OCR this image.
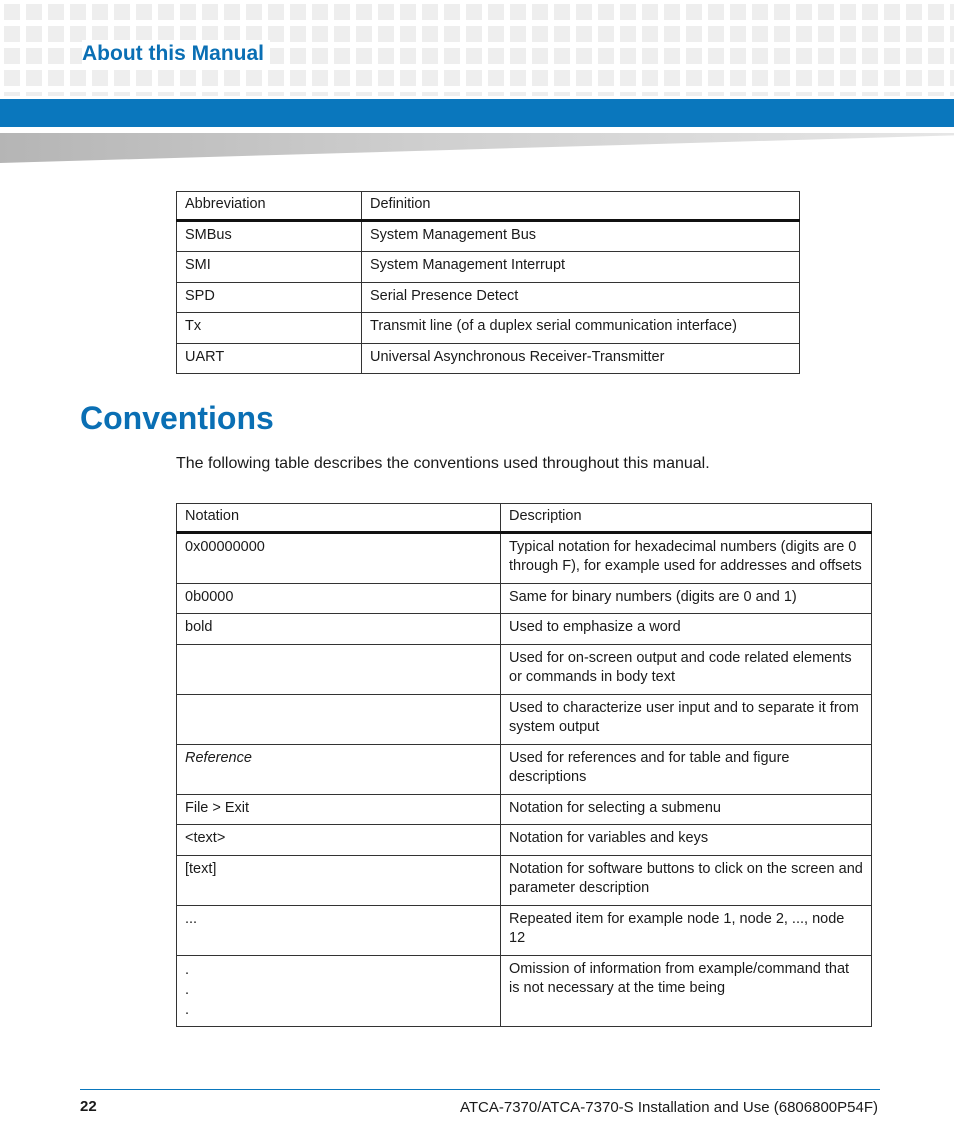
About this Manual
Abbreviation	Definition
SMBus	System Management Bus
SMI	System Management Interrupt
SPD	Serial Presence Detect
Tx	Transmit line (of a duplex serial communication interface)
UART	Universal Asynchronous Receiver-Transmitter
Conventions

The following table describes the conventions used throughout this manual.

Notation	Description
0x00000000	Typical notation for hexadecimal numbers (digits are 0 through F), for example used for addresses and offsets
0b0000	Same for binary numbers (digits are 0 and 1)
bold	Used to emphasize a word
	Used for on-screen output and code related elements or commands in body text
	Used to characterize user input and to separate it from system output
Reference	Used for references and for table and figure descriptions
File > Exit	Notation for selecting a submenu
<text>	Notation for variables and keys
[text]	Notation for software buttons to click on the screen and parameter description
...	Repeated item for example node 1, node 2, ..., node 12

.
.
.	Omission of information from example/command that is not necessary at the time being
22	ATCA-7370/ATCA-7370-S Installation and Use (6806800P54F)
